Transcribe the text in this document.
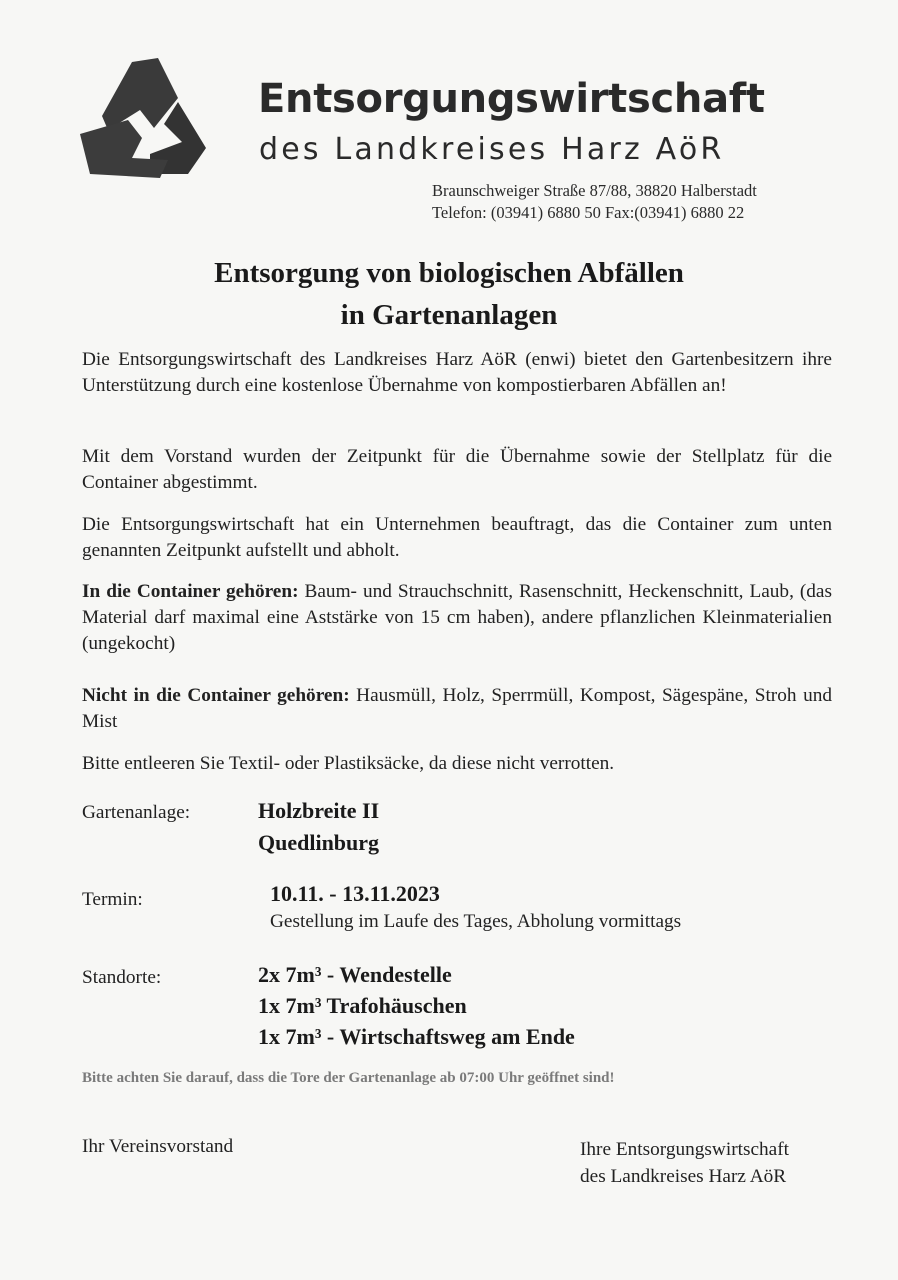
Entsorgungswirtschaft
des Landkreises Harz AöR
Braunschweiger Straße 87/88, 38820 Halberstadt
Telefon: (03941) 6880 50 Fax:(03941) 6880 22
Entsorgung von biologischen Abfällen
in Gartenanlagen
Die Entsorgungswirtschaft des Landkreises Harz AöR (enwi) bietet den Gartenbesitzern ihre Unterstützung durch eine kostenlose Übernahme von kompostierbaren Abfällen an!
Mit dem Vorstand wurden der Zeitpunkt für die Übernahme sowie der Stellplatz für die Container abgestimmt.
Die Entsorgungswirtschaft hat ein Unternehmen beauftragt, das die Container zum unten genannten Zeitpunkt aufstellt und abholt.
In die Container gehören: Baum- und Strauchschnitt, Rasenschnitt, Heckenschnitt, Laub, (das Material darf maximal eine Aststärke von 15 cm haben), andere pflanzlichen Kleinmaterialien (ungekocht)
Nicht in die Container gehören: Hausmüll, Holz, Sperrmüll, Kompost, Sägespäne, Stroh und Mist
Bitte entleeren Sie Textil- oder Plastiksäcke, da diese nicht verrotten.
Gartenanlage:	Holzbreite II
Quedlinburg
Termin:	10.11. - 13.11.2023
Gestellung im Laufe des Tages, Abholung vormittags
Standorte:	2x 7m³ - Wendestelle
1x 7m³ Trafohäuschen
1x 7m³ - Wirtschaftsweg am Ende
Bitte achten Sie darauf, dass die Tore der Gartenanlage ab 07:00 Uhr geöffnet sind!
Ihr Vereinsvorstand	Ihre Entsorgungswirtschaft
des Landkreises Harz AöR
